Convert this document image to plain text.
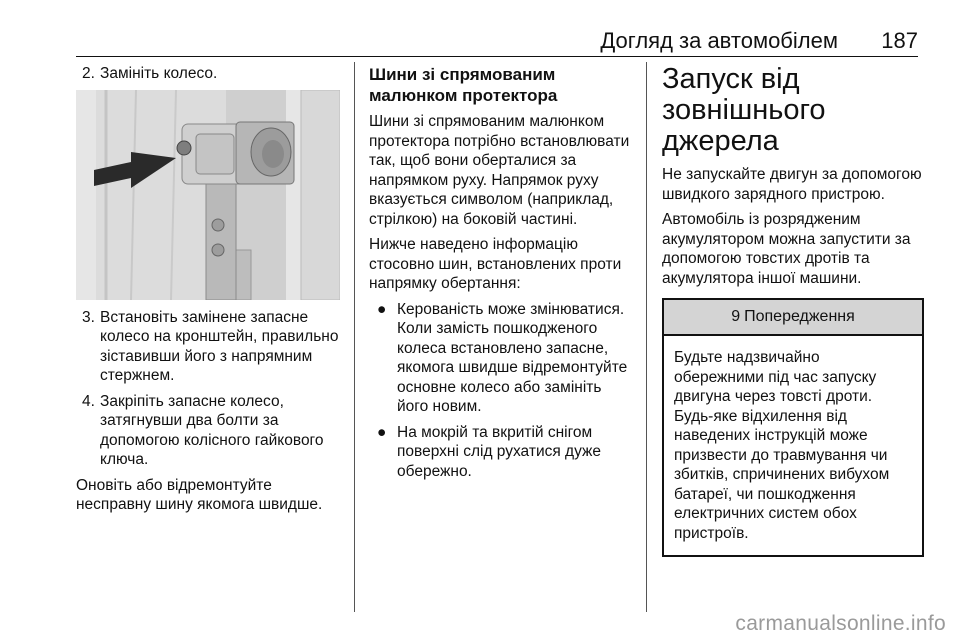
Догляд за автомобілем 187
2. Замініть колесо.
3. Встановіть замінене запасне колесо на кронштейн, правильно зіставивши його з напрямним стержнем.
4. Закріпіть запасне колесо, затягнувши два болти за допомогою колісного гайкового ключа.

Оновіть або відремонтуйте несправну шину якомога швидше.

Шини зі спрямованим малюнком протектора

Шини зі спрямованим малюнком протектора потрібно встановлювати так, щоб вони оберталися за напрямком руху. Напрямок руху вказується символом (наприклад, стрілкою) на боковій частині.

Нижче наведено інформацію стосовно шин, встановлених проти напрямку обертання:

● Керованість може змінюватися. Коли замість пошкодженого колеса встановлено запасне, якомога швидше відремонтуйте основне колесо або замініть його новим.
● На мокрій та вкритій снігом поверхні слід рухатися дуже обережно.
Запуск від зовнішнього джерела

Не запускайте двигун за допомогою швидкого зарядного пристрою.

Автомобіль із розрядженим акумулятором можна запустити за допомогою товстих дротів та акумулятора іншої машини.

9 Попередження
Будьте надзвичайно обережними під час запуску двигуна через товсті дроти. Будь-яке відхилення від наведених інструкцій може призвести до травмування чи збитків, спричинених вибухом батареї, чи пошкодження електричних систем обох пристроїв.
carmanualsonline.info
